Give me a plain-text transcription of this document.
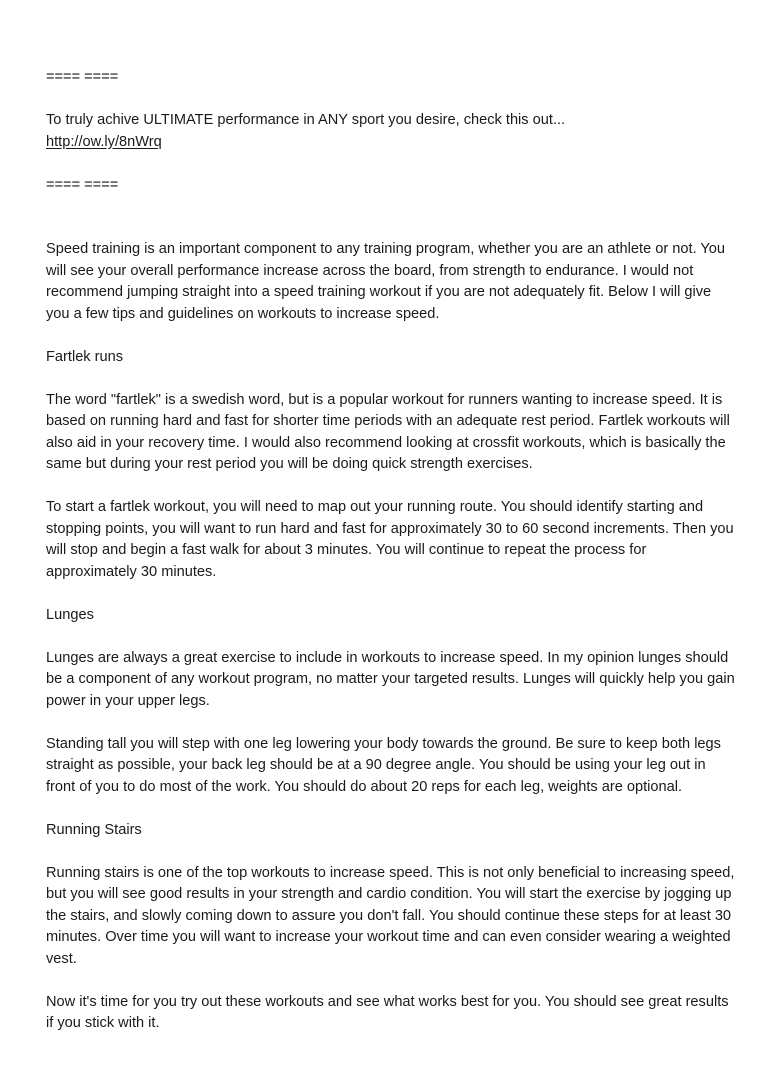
==== ====

To truly achive ULTIMATE performance in ANY sport you desire, check this out...

http://ow.ly/8nWrq

==== ====

Speed training is an important component to any training program, whether you are an athlete or not. You will see your overall performance increase across the board, from strength to endurance. I would not recommend jumping straight into a speed training workout if you are not adequately fit. Below I will give you a few tips and guidelines on workouts to increase speed.

Fartlek runs

The word "fartlek" is a swedish word, but is a popular workout for runners wanting to increase speed. It is based on running hard and fast for shorter time periods with an adequate rest period. Fartlek workouts will also aid in your recovery time. I would also recommend looking at crossfit workouts, which is basically the same but during your rest period you will be doing quick strength exercises.

To start a fartlek workout, you will need to map out your running route. You should identify starting and stopping points, you will want to run hard and fast for approximately 30 to 60 second increments. Then you will stop and begin a fast walk for about 3 minutes. You will continue to repeat the process for approximately 30 minutes.

Lunges

Lunges are always a great exercise to include in workouts to increase speed. In my opinion lunges should be a component of any workout program, no matter your targeted results. Lunges will quickly help you gain power in your upper legs.

Standing tall you will step with one leg lowering your body towards the ground. Be sure to keep both legs straight as possible, your back leg should be at a 90 degree angle. You should be using your leg out in front of you to do most of the work. You should do about 20 reps for each leg, weights are optional.

Running Stairs

Running stairs is one of the top workouts to increase speed. This is not only beneficial to increasing speed, but you will see good results in your strength and cardio condition. You will start the exercise by jogging up the stairs, and slowly coming down to assure you don't fall. You should continue these steps for at least 30 minutes. Over time you will want to increase your workout time and can even consider wearing a weighted vest.

Now it's time for you try out these workouts and see what works best for you. You should see great results if you stick with it.
